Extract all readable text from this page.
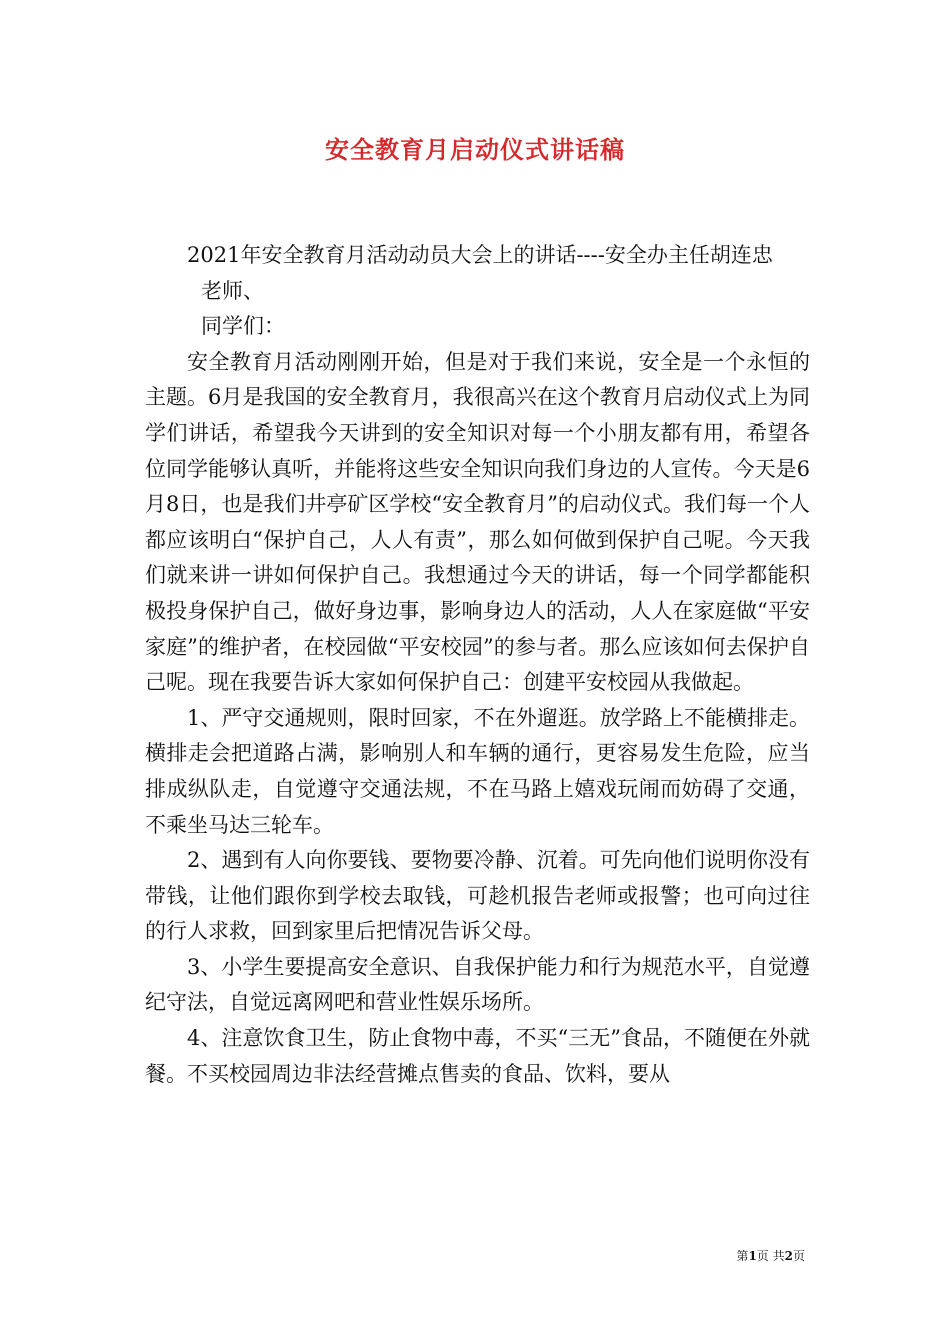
安全教育月启动仪式讲话稿

2021年安全教育月活动动员大会上的讲话----安全办主任胡连忠

老师、

同学们：

安全教育月活动刚刚开始，但是对于我们来说，安全是一个永恒的主题。6月是我国的安全教育月，我很高兴在这个教育月启动仪式上为同学们讲话，希望我今天讲到的安全知识对每一个小朋友都有用，希望各位同学能够认真听，并能将这些安全知识向我们身边的人宣传。今天是6月8日，也是我们井亭矿区学校“安全教育月”的启动仪式。我们每一个人都应该明白“保护自己，人人有责”，那么如何做到保护自己呢。今天我们就来讲一讲如何保护自己。我想通过今天的讲话，每一个同学都能积极投身保护自己，做好身边事，影响身边人的活动，人人在家庭做“平安家庭”的维护者，在校园做“平安校园”的参与者。那么应该如何去保护自己呢。现在我要告诉大家如何保护自己：创建平安校园从我做起。

1、严守交通规则，限时回家，不在外遛逛。放学路上不能横排走。横排走会把道路占满，影响别人和车辆的通行，更容易发生危险，应当排成纵队走，自觉遵守交通法规，不在马路上嬉戏玩闹而妨碍了交通，不乘坐马达三轮车。

2、遇到有人向你要钱、要物要冷静、沉着。可先向他们说明你没有带钱，让他们跟你到学校去取钱，可趁机报告老师或报警；也可向过往的行人求救，回到家里后把情况告诉父母。

3、小学生要提高安全意识、自我保护能力和行为规范水平，自觉遵纪守法，自觉远离网吧和营业性娱乐场所。

4、注意饮食卫生，防止食物中毒，不买“三无”食品，不随便在外就餐。不买校园周边非法经营摊点售卖的食品、饮料，要从

第1页 共2页
